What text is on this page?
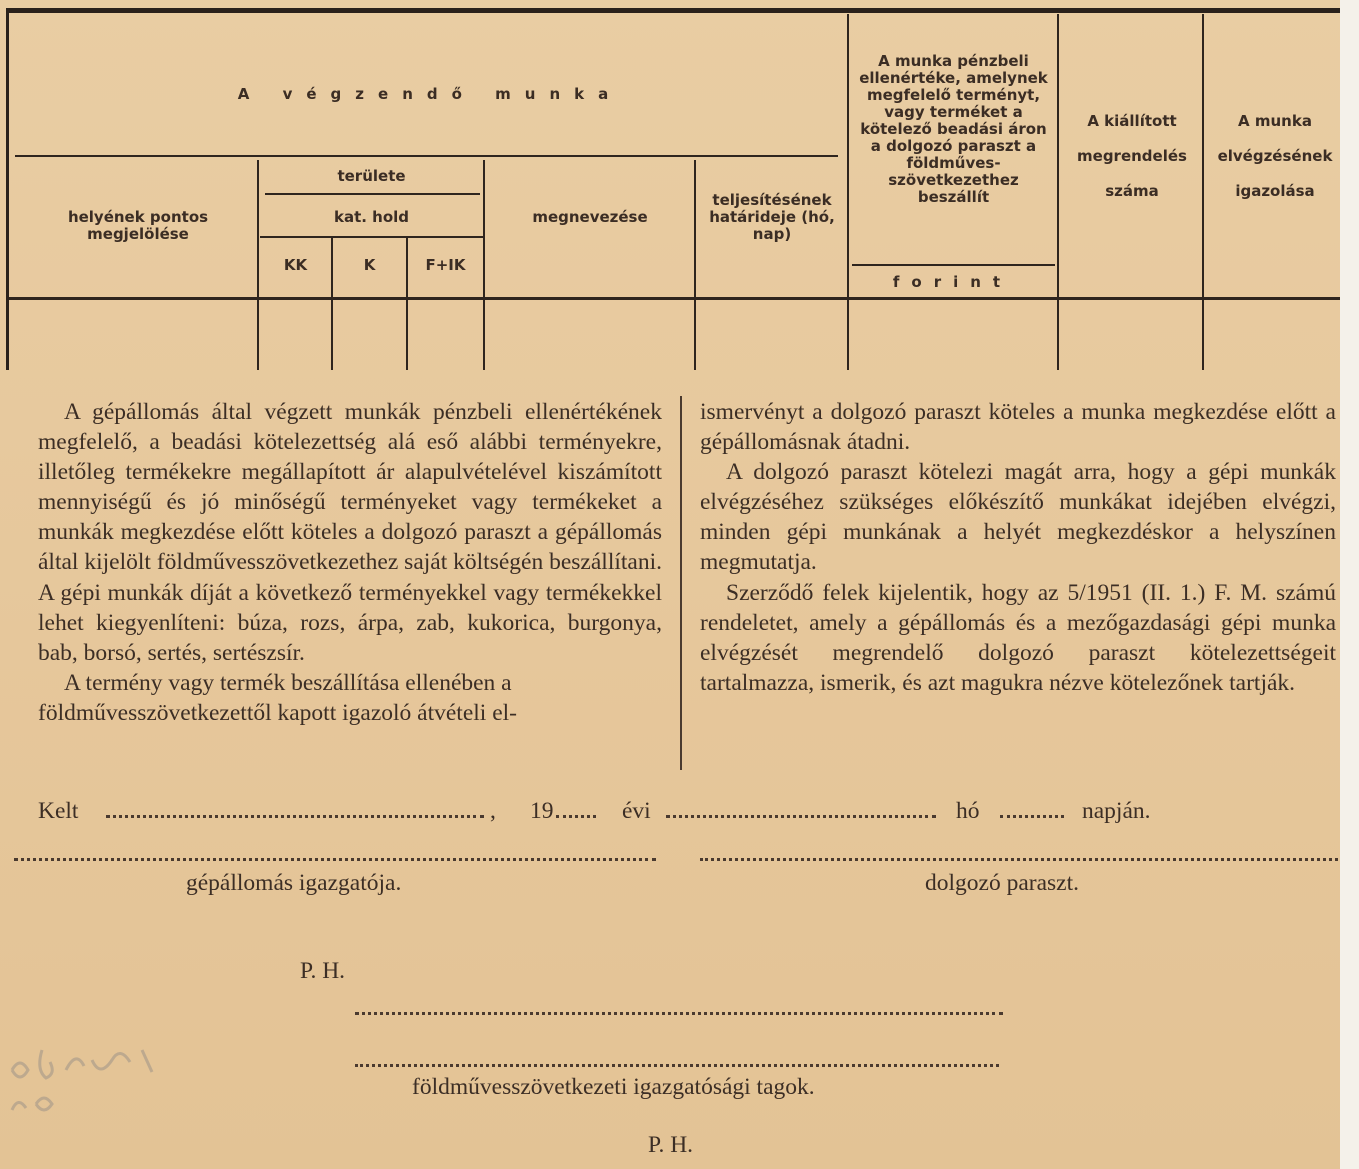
A végzendő munka
helyének pontos megjelölése
területe
kat. hold
KK	K	F+IK
megnevezése
teljesítésének határideje (hó, nap)
A munka pénzbeli ellenértéke, amelynek megfelelő terményt, vagy terméket a kötelező beadási áron a dolgozó paraszt a földműves-szövetkezethez beszállít
forint
A kiállított megrendelés száma
A munka elvégzésének igazolása

A gépállomás által végzett munkák pénzbeli ellenértékének megfelelő, a beadási kötelezettség alá eső alábbi terményekre, illetőleg termékekre megállapított ár alapulvételével kiszámított mennyiségű és jó minőségű terményeket vagy termékeket a munkák megkezdése előtt köteles a dolgozó paraszt a gépállomás által kijelölt földművesszövetkezethez saját költségén beszállítani. A gépi munkák díját a következő terményekkel vagy termékekkel lehet kiegyenlíteni: búza, rozs, árpa, zab, kukorica, burgonya, bab, borsó, sertés, sertészsír.

A termény vagy termék beszállítása ellenében a földművesszövetkezettől kapott igazoló átvételi el-

ismervényt a dolgozó paraszt köteles a munka megkezdése előtt a gépállomásnak átadni.

A dolgozó paraszt kötelezi magát arra, hogy a gépi munkák elvégzéséhez szükséges előkészítő munkákat idejében elvégzi, minden gépi munkának a helyét megkezdéskor a helyszínen megmutatja.

Szerződő felek kijelentik, hogy az 5/1951 (II. 1.) F. M. számú rendeletet, amely a gépállomás és a mezőgazdasági gépi munka elvégzését megrendelő dolgozó paraszt kötelezettségeit tartalmazza, ismerik, és azt magukra nézve kötelezőnek tartják.

Kelt	, 19	évi	hó	napján.
gépállomás igazgatója.	dolgozó paraszt.
P. H.
földművesszövetkezeti igazgatósági tagok.
P. H.
